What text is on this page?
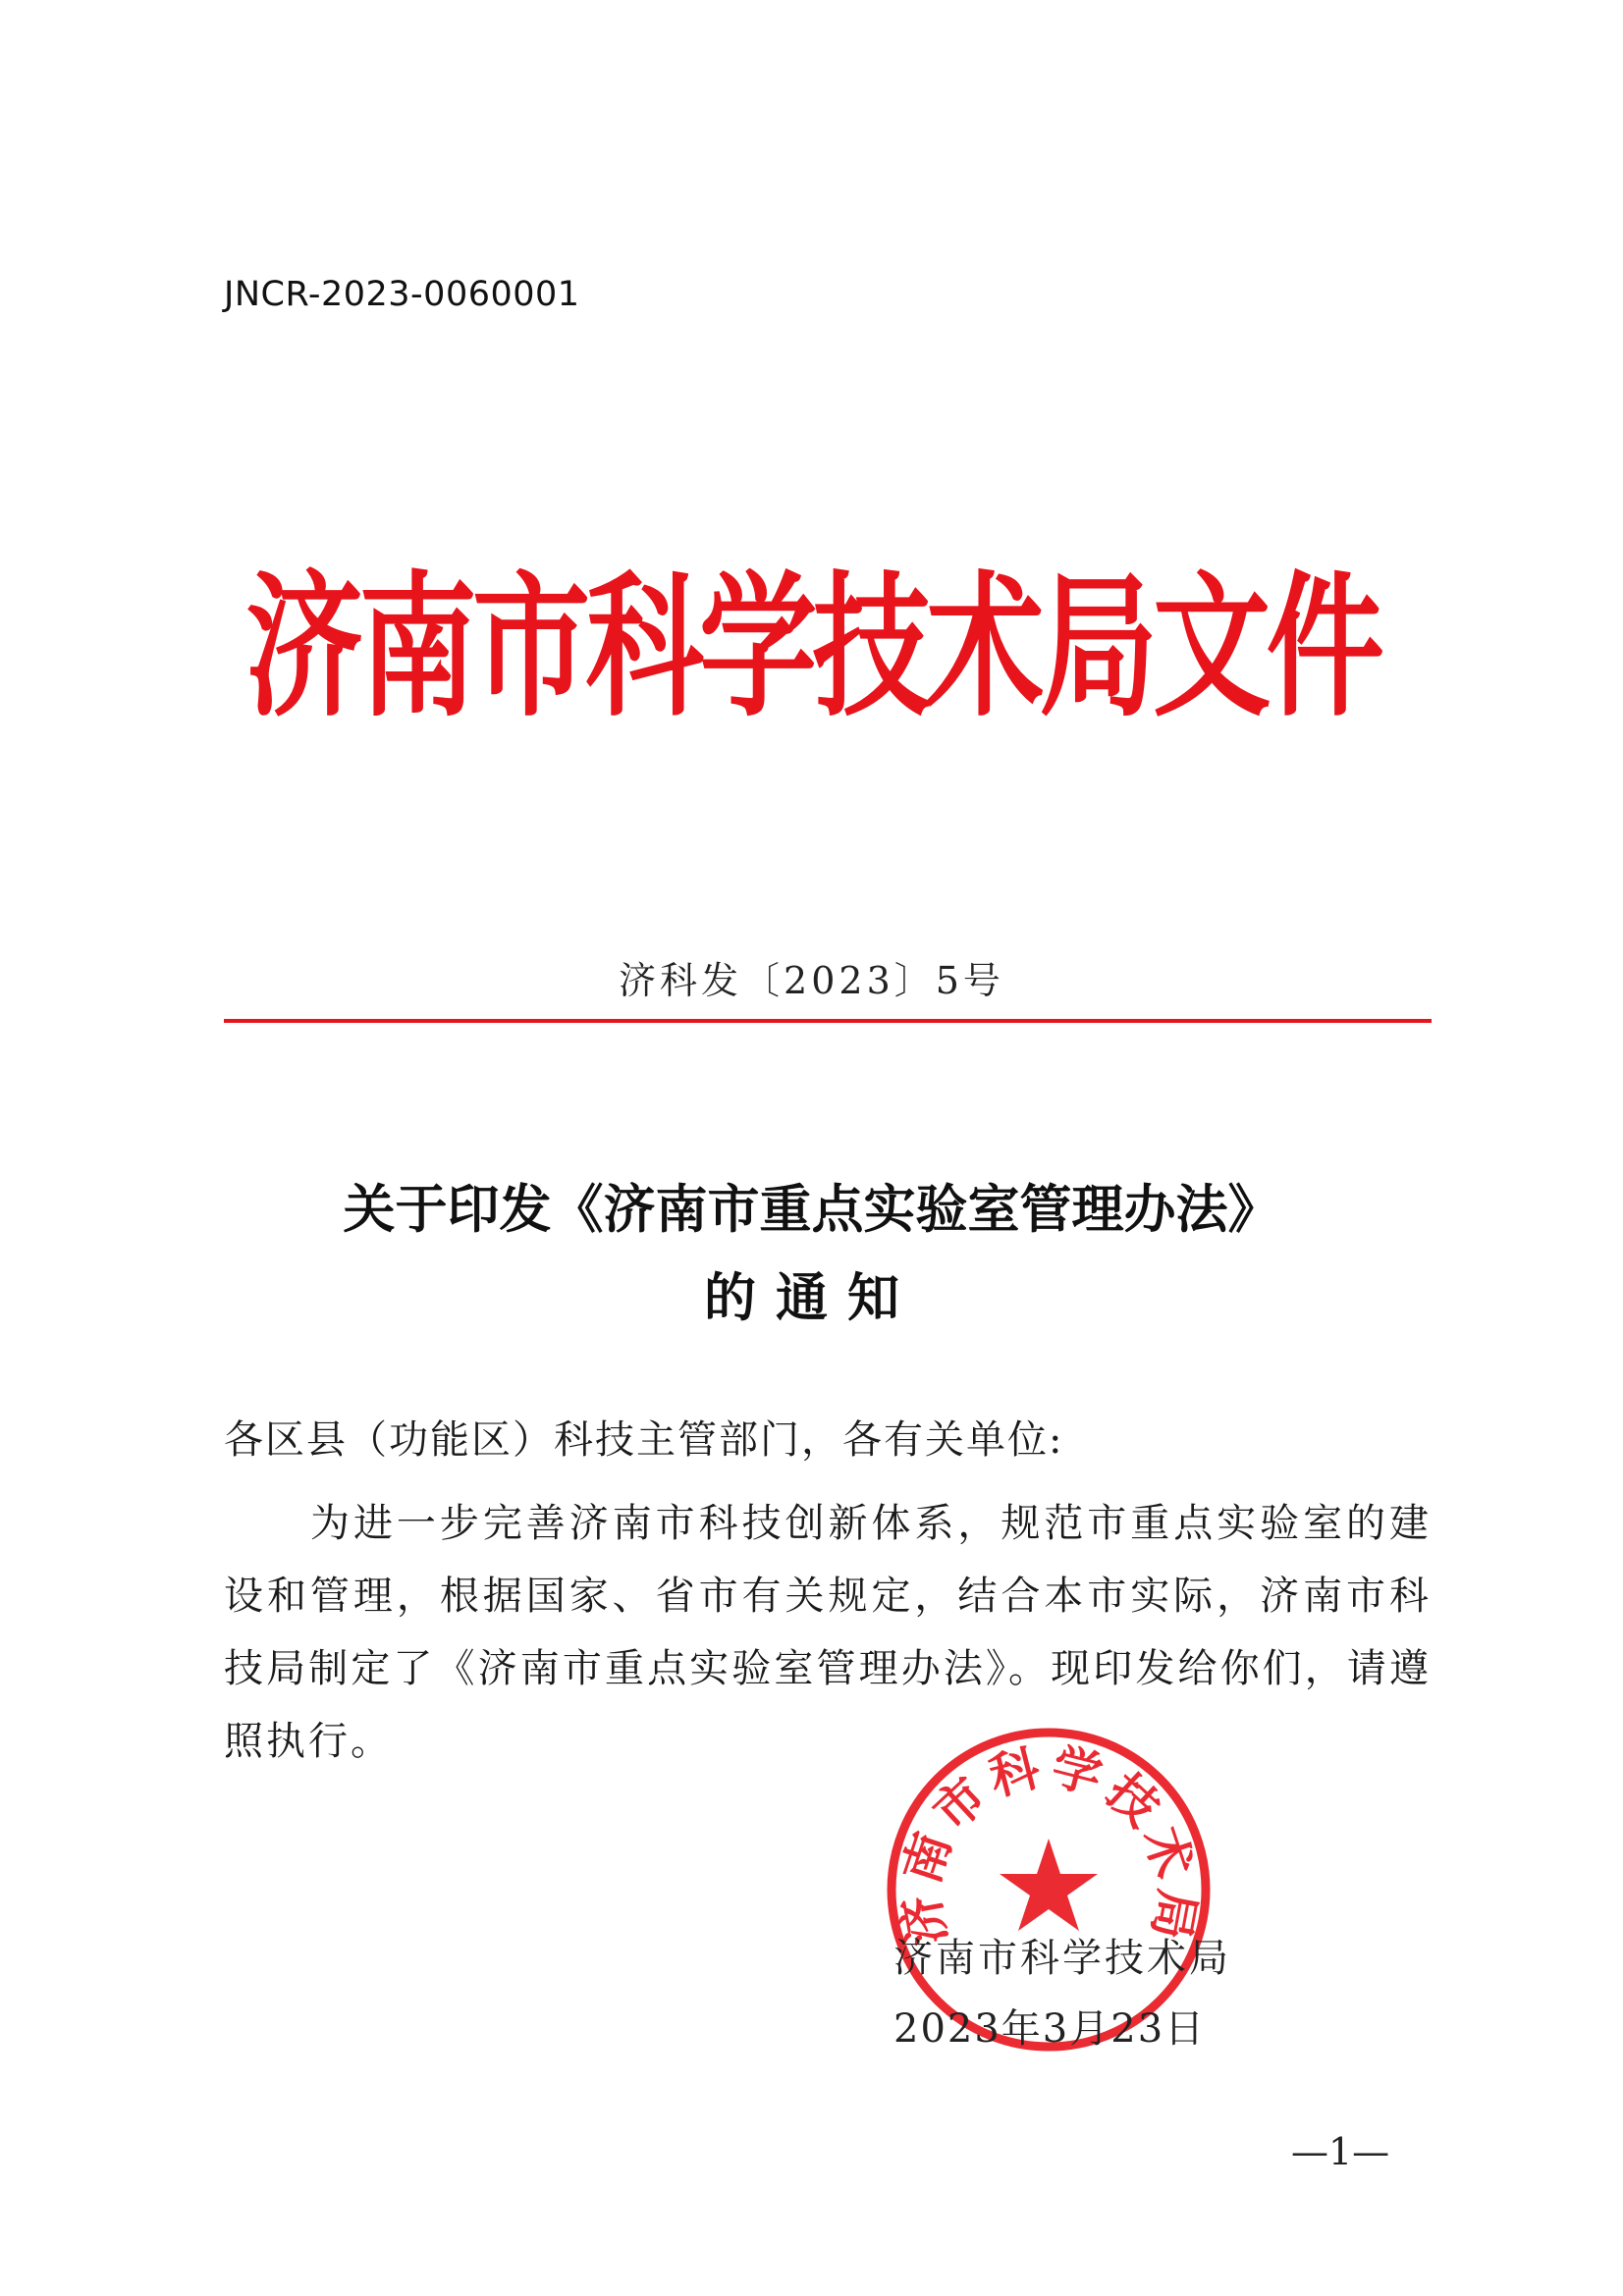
JNCR-2023-0060001
济南市科学技术局文件
济科发〔2023〕5号
关于印发《济南市重点实验室管理办法》
的通知
各区县（功能区）科技主管部门，各有关单位:

为进一步完善济南市科技创新体系，规范市重点实验室的建设和管理，根据国家、省市有关规定，结合本市实际，济南市科技局制定了《济南市重点实验室管理办法》。现印发给你们，请遵照执行。

济南市科学技术局
济南市科学技术局
2023年3月23日
—1—
